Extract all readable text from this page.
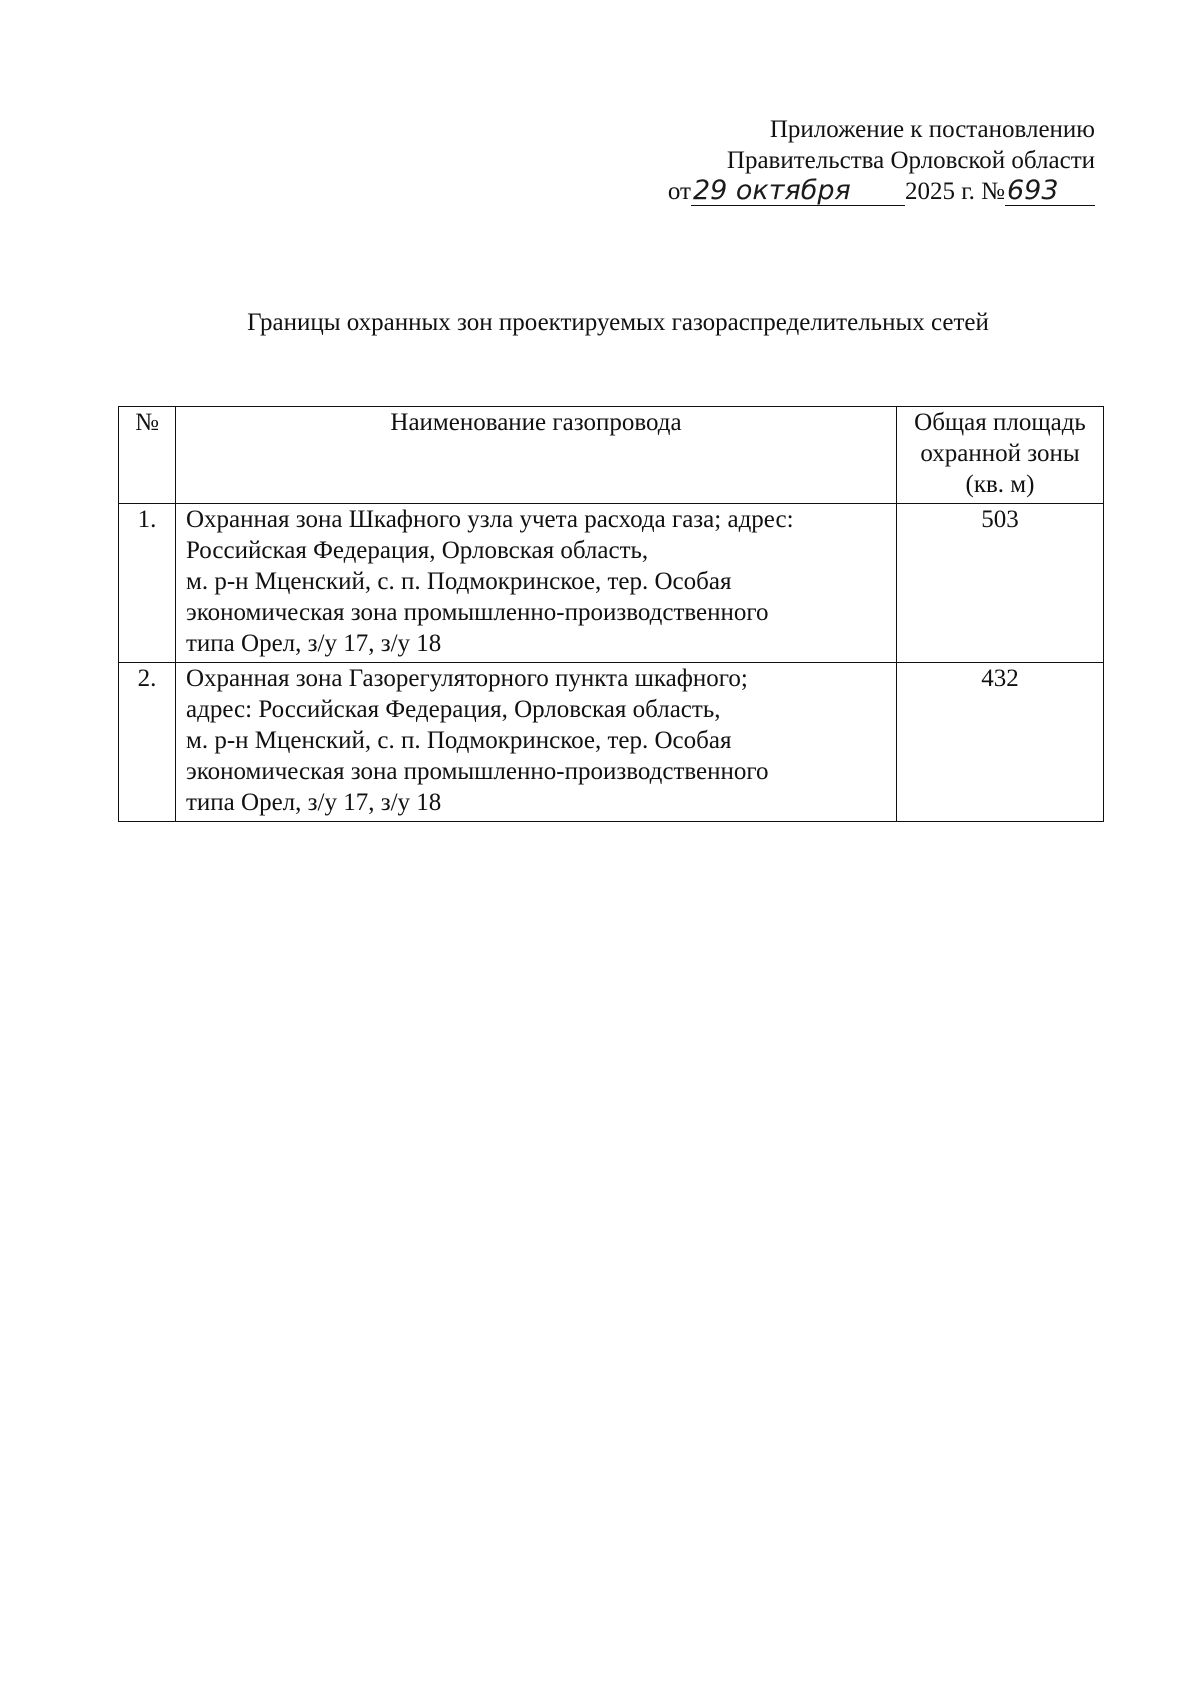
Приложение к постановлению
Правительства Орловской области
от 29 октября	2025 г. № 693
Границы охранных зон проектируемых газораспределительных сетей
№	Наименование газопровода	Общая площадь охранной зоны (кв. м)
1.	Охранная зона Шкафного узла учета расхода газа; адрес:
Российская Федерация, Орловская область,
м. р-н Мценский, с. п. Подмокринское, тер. Особая
экономическая зона промышленно-производственного
типа Орел, з/у 17, з/у 18	503
2.	Охранная зона Газорегуляторного пункта шкафного;
адрес: Российская Федерация, Орловская область,
м. р-н Мценский, с. п. Подмокринское, тер. Особая
экономическая зона промышленно-производственного
типа Орел, з/у 17, з/у 18	432
